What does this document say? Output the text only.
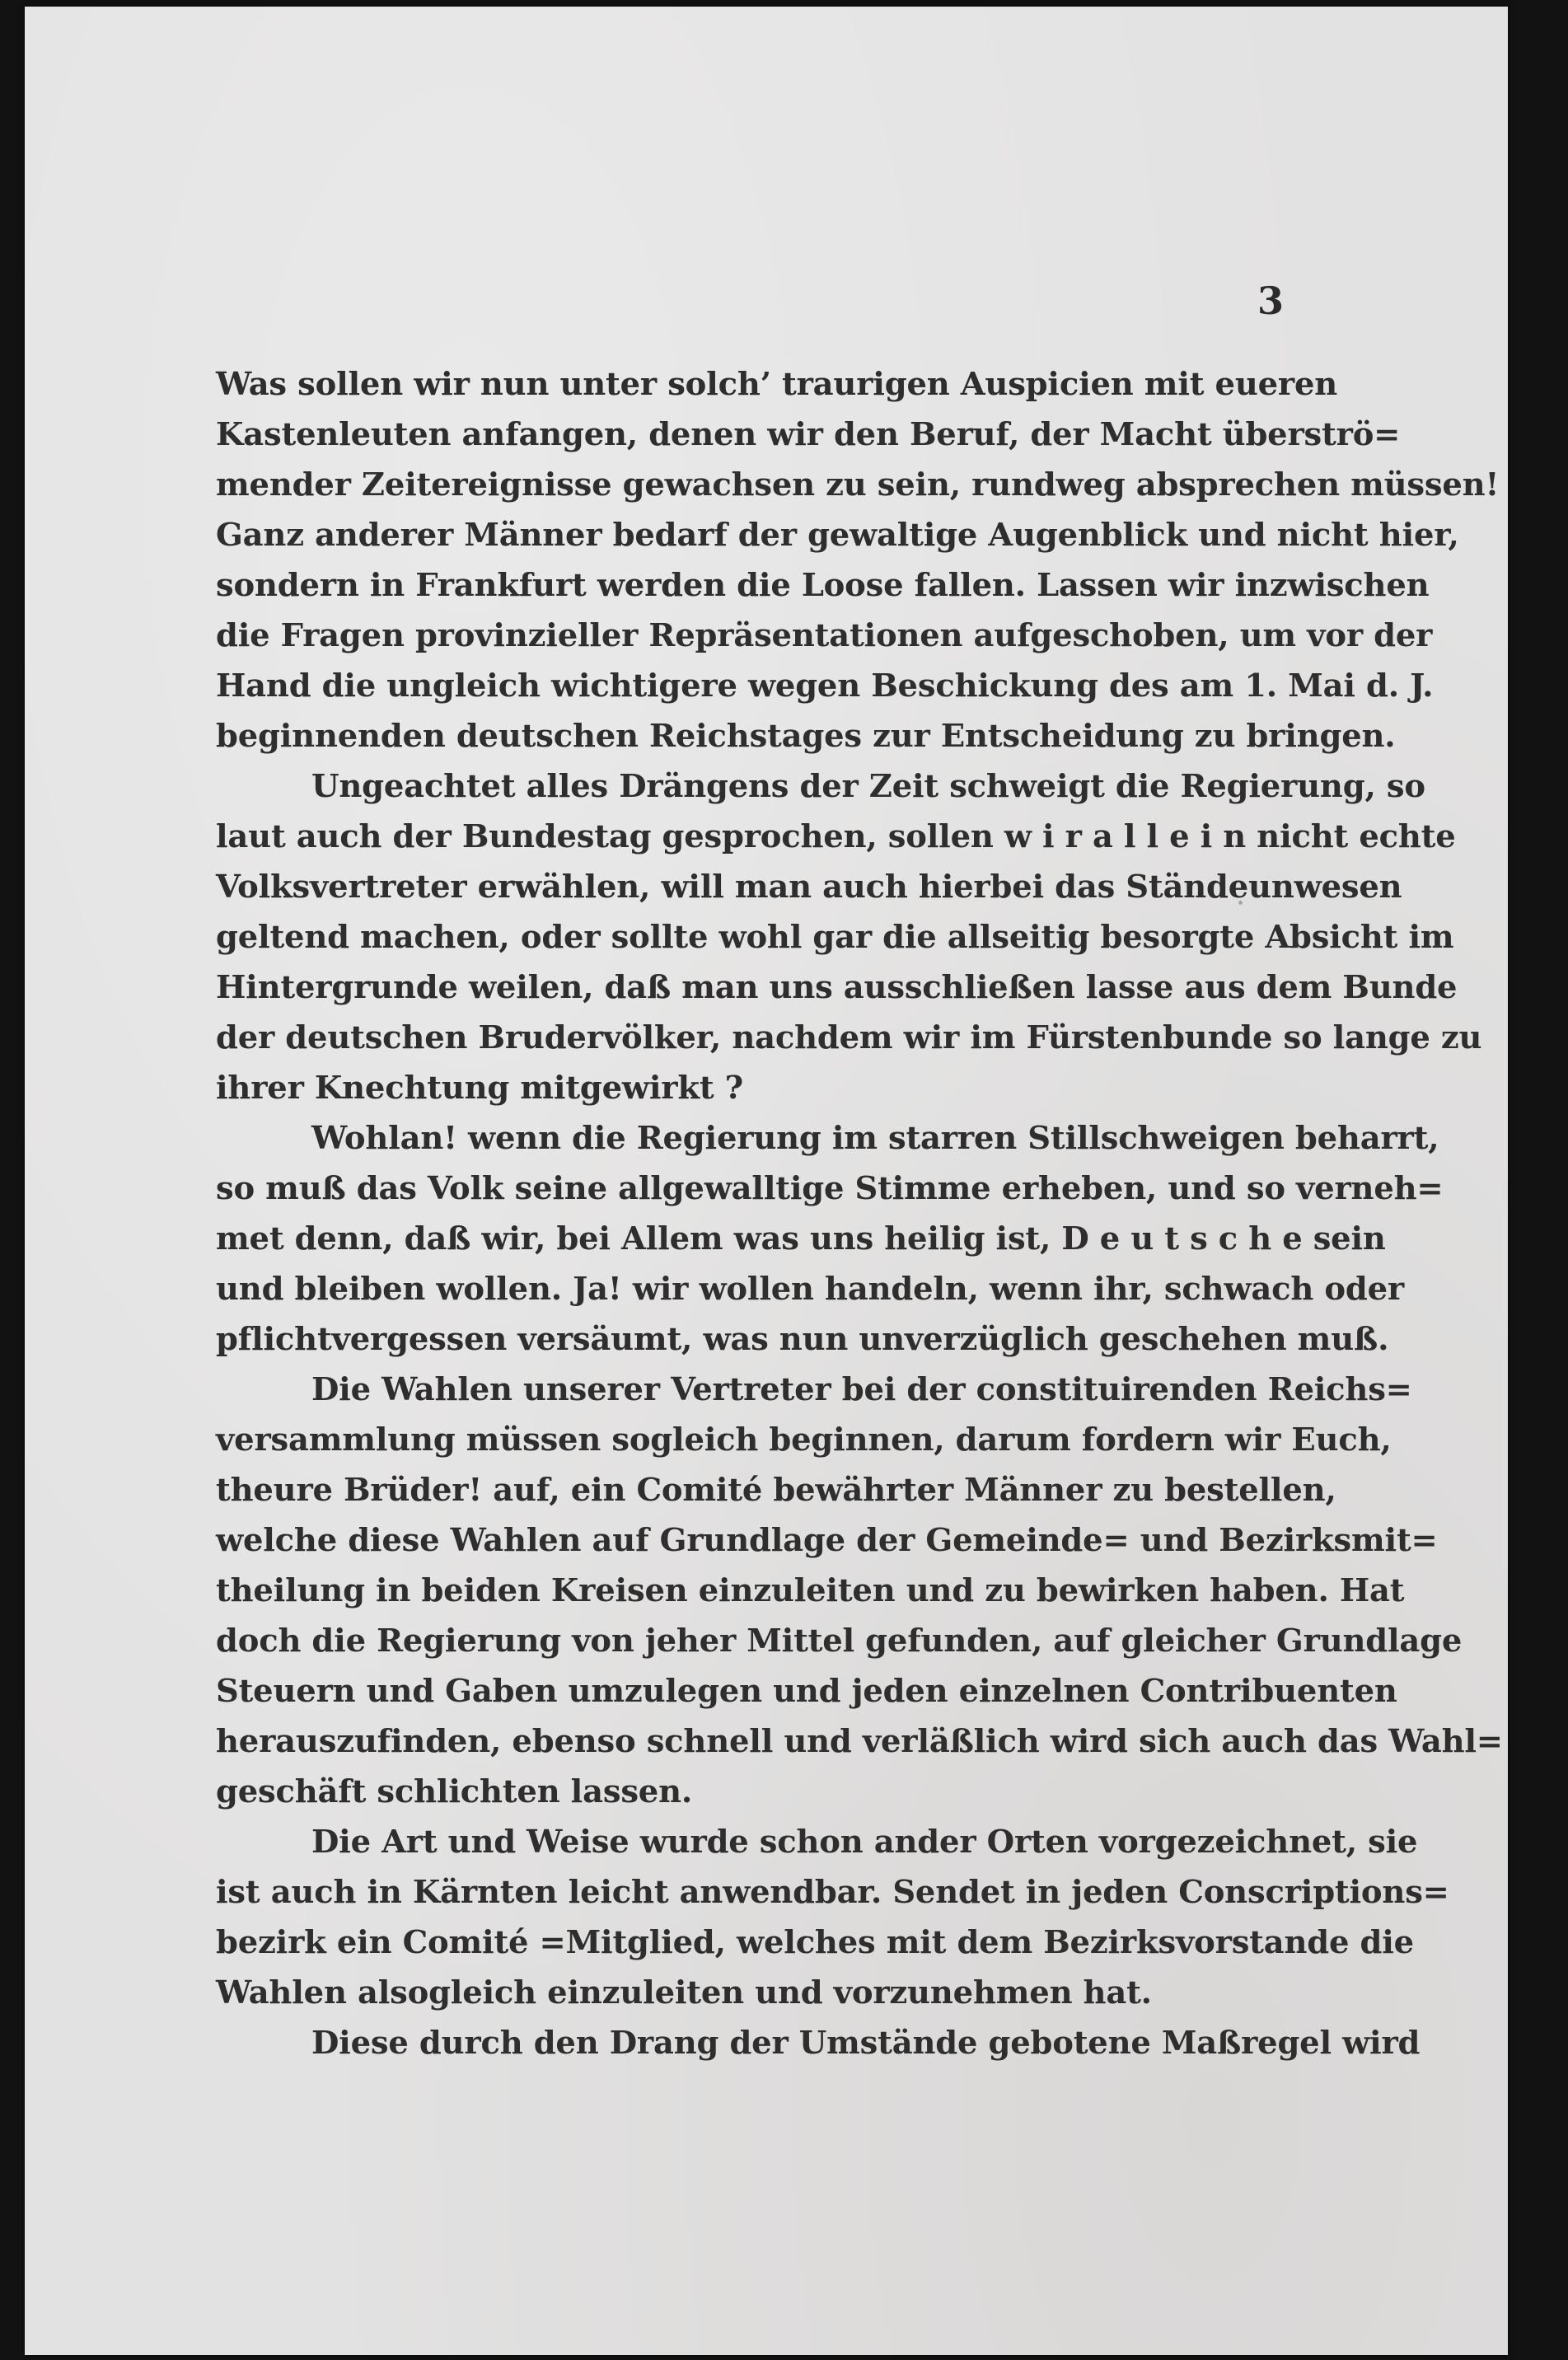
3
Was sollen wir nun unter solch’ traurigen Auspicien mit eueren
Kastenleuten anfangen, denen wir den Beruf, der Macht überströ=
mender Zeitereignisse gewachsen zu sein, rundweg absprechen müssen!
Ganz anderer Männer bedarf der gewaltige Augenblick und nicht hier,
sondern in Frankfurt werden die Loose fallen. Lassen wir inzwischen
die Fragen provinzieller Repräsentationen aufgeschoben, um vor der
Hand die ungleich wichtigere wegen Beschickung des am 1. Mai d. J.
beginnenden deutschen Reichstages zur Entscheidung zu bringen.
Ungeachtet alles Drängens der Zeit schweigt die Regierung, so
laut auch der Bundestag gesprochen, sollen w i r a l l e i n nicht echte
Volksvertreter erwählen, will man auch hierbei das Ständeunwesen
geltend machen, oder sollte wohl gar die allseitig besorgte Absicht im
Hintergrunde weilen, daß man uns ausschließen lasse aus dem Bunde
der deutschen Brudervölker, nachdem wir im Fürstenbunde so lange zu
ihrer Knechtung mitgewirkt ?
Wohlan! wenn die Regierung im starren Stillschweigen beharrt,
so muß das Volk seine allgewalltige Stimme erheben, und so verneh=
met denn, daß wir, bei Allem was uns heilig ist, D e u t s c h e sein
und bleiben wollen. Ja! wir wollen handeln, wenn ihr, schwach oder
pflichtvergessen versäumt, was nun unverzüglich geschehen muß.
Die Wahlen unserer Vertreter bei der constituirenden Reichs=
versammlung müssen sogleich beginnen, darum fordern wir Euch,
theure Brüder! auf, ein Comité bewährter Männer zu bestellen,
welche diese Wahlen auf Grundlage der Gemeinde= und Bezirksmit=
theilung in beiden Kreisen einzuleiten und zu bewirken haben. Hat
doch die Regierung von jeher Mittel gefunden, auf gleicher Grundlage
Steuern und Gaben umzulegen und jeden einzelnen Contribuenten
herauszufinden, ebenso schnell und verläßlich wird sich auch das Wahl=
geschäft schlichten lassen.
Die Art und Weise wurde schon ander Orten vorgezeichnet, sie
ist auch in Kärnten leicht anwendbar. Sendet in jeden Conscriptions=
bezirk ein Comité =Mitglied, welches mit dem Bezirksvorstande die
Wahlen alsogleich einzuleiten und vorzunehmen hat.
Diese durch den Drang der Umstände gebotene Maßregel wird
